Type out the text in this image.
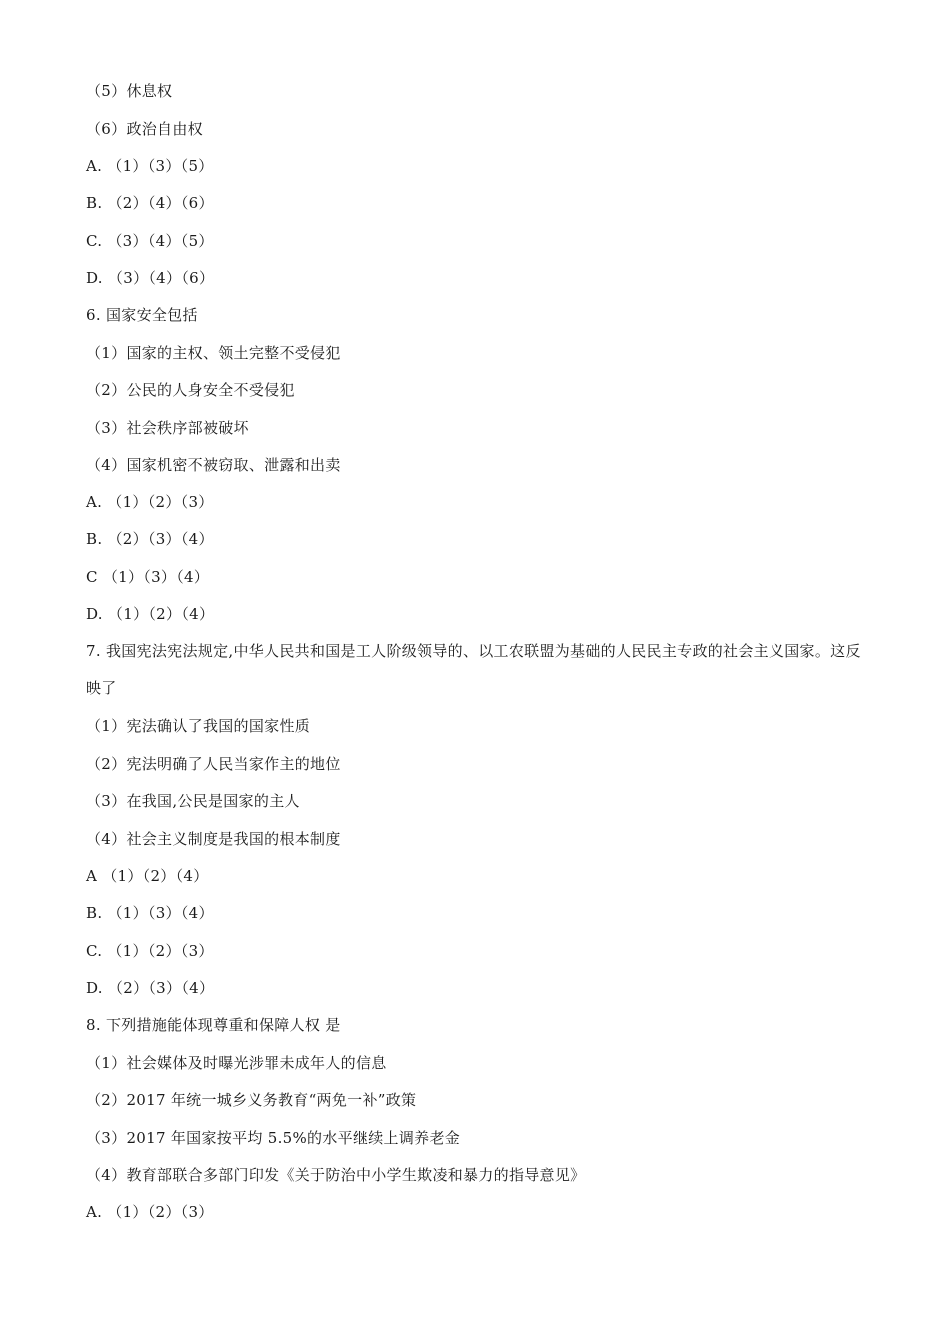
（5）休息权
（6）政治自由权
A. （1）（3）（5）
B. （2）（4）（6）
C. （3）（4）（5）
D. （3）（4）（6）
6. 国家安全包括
（1）国家的主权、领土完整不受侵犯
（2）公民的人身安全不受侵犯
（3）社会秩序部被破坏
（4）国家机密不被窃取、泄露和出卖
A. （1）（2）（3）
B. （2）（3）（4）
C （1）（3）（4）
D. （1）（2）（4）
7. 我国宪法宪法规定,中华人民共和国是工人阶级领导的、以工农联盟为基础的人民民主专政的社会主义国家。这反映了
（1）宪法确认了我国的国家性质
（2）宪法明确了人民当家作主的地位
（3）在我国,公民是国家的主人
（4）社会主义制度是我国的根本制度
A （1）（2）（4）
B. （1）（3）（4）
C. （1）（2）（3）
D. （2）（3）（4）
8. 下列措施能体现尊重和保障人权 是
（1）社会媒体及时曝光涉罪未成年人的信息
（2）2017 年统一城乡义务教育“两免一补”政策
（3）2017 年国家按平均 5.5%的水平继续上调养老金
（4）教育部联合多部门印发《关于防治中小学生欺凌和暴力的指导意见》
A. （1）（2）（3）
